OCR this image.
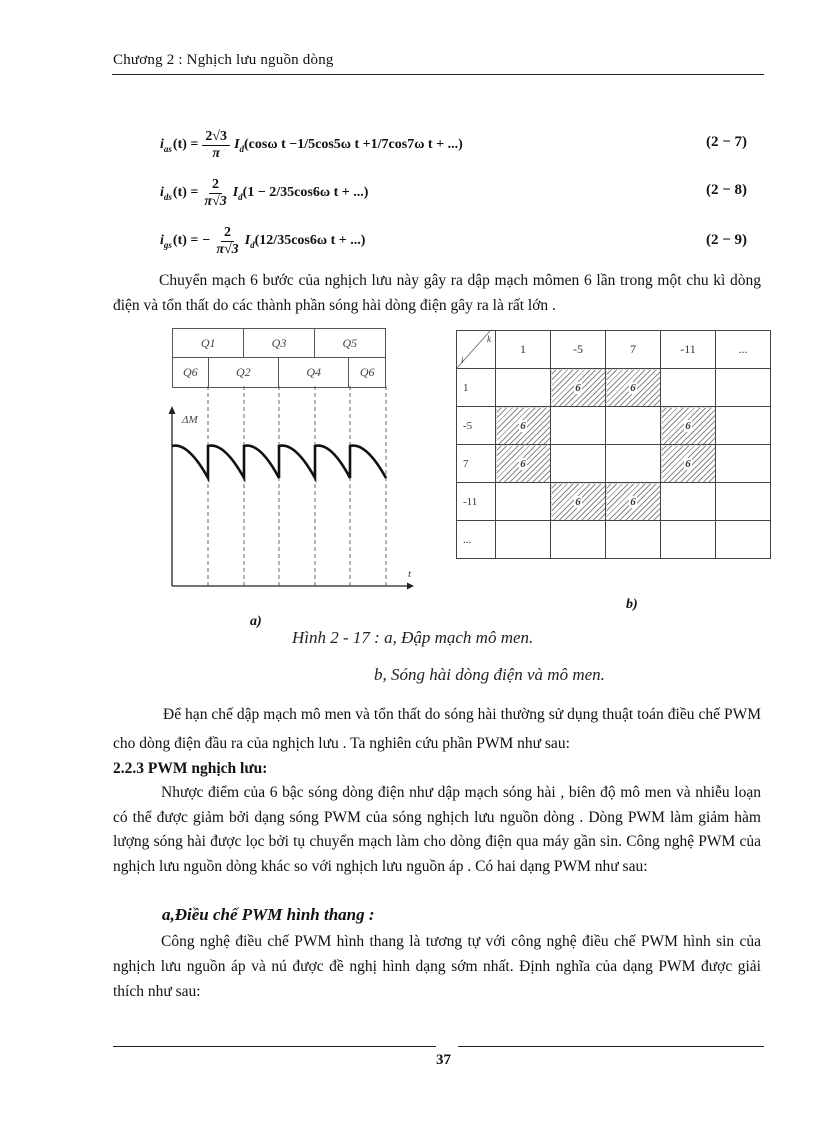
Chương 2 : Nghịch lưu nguồn dòng
$i_{as}$ $(t) = \frac{2√3}{\pi} I_d$ (cosω t −1/5cos5ω t +1/7cos7ω t + ...)	(2 − 7)
$i_{ds}$ $(t) = \frac{2}{\pi√3} I_d$ (1 − 2/35cos6ω t + ...)	(2 − 8)
$i_{gs}$ (t) = − $\frac{2}{\pi√3} I_d$ (12/35cos6ω t + ...)	(2 − 9)
Chuyển mạch 6 bước của nghịch lưu này gây ra dập mạch mômen 6 lần trong một chu kì dòng điện và tổn thất do các thành phần sóng hài dòng điện gây ra là rất lớn .
Q1	Q3	Q5
Q6	Q2	Q4	Q6
ΔM
t
a)
k
i	1	-5	7	-11	...
1		6	6		
-5	6			6	
7	6			6	
-11		6	6		
...					
b)
Hình 2 - 17 : a, Đập mạch mô men.
b, Sóng hài dòng điện và mô men.
Để hạn chế dập mạch mô men và tổn thất do sóng hài thường sử dụng thuật toán điều chế PWM cho dòng điện đầu ra của nghịch lưu . Ta nghiên cứu phần PWM như sau:
2.2.3 PWM nghịch lưu:
Nhược điểm của 6 bậc sóng dòng điện như dập mạch sóng hài , biên độ mô men và nhiễu loạn có thể được giảm bởi dạng sóng PWM của sóng nghịch lưu nguồn dòng . Dòng PWM làm giảm hàm lượng sóng hài được lọc bởi tụ chuyển mạch làm cho dòng điện qua máy gần sin. Công nghệ PWM của nghịch lưu nguồn dòng khác so với nghịch lưu nguồn áp . Có hai dạng PWM như sau:
a,Điều chế PWM hình thang :
Công nghệ điều chế PWM hình thang là tương tự với công nghệ điều chế PWM hình sin của nghịch lưu nguồn áp và nú được đề nghị hình dạng sớm nhất. Định nghĩa của dạng PWM được giải thích như sau:
37
